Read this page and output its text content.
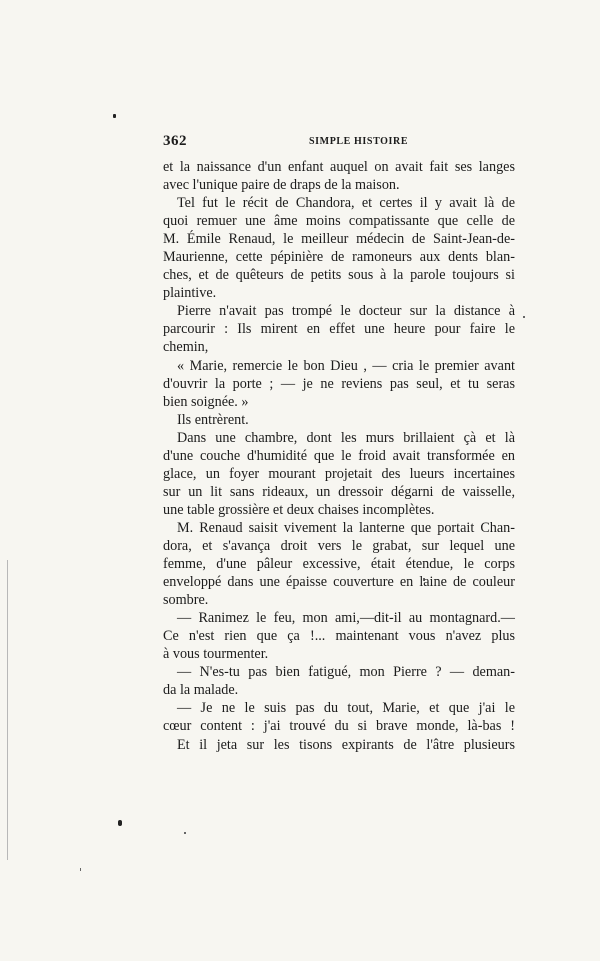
362	SIMPLE HISTOIRE
et la naissance d'un enfant auquel on avait fait ses langes
avec l'unique paire de draps de la maison.
Tel fut le récit de Chandora, et certes il y avait là de
quoi remuer une âme moins compatissante que celle de
M. Émile Renaud, le meilleur médecin de Saint-Jean-de-
Maurienne, cette pépinière de ramoneurs aux dents blan-
ches, et de quêteurs de petits sous à la parole toujours si
plaintive.
Pierre n'avait pas trompé le docteur sur la distance à
parcourir : Ils mirent en effet une heure pour faire le
chemin,
« Marie, remercie le bon Dieu , — cria le premier avant
d'ouvrir la porte ; — je ne reviens pas seul, et tu seras
bien soignée. »
Ils entrèrent.
Dans une chambre, dont les murs brillaient çà et là
d'une couche d'humidité que le froid avait transformée en
glace, un foyer mourant projetait des lueurs incertaines
sur un lit sans rideaux, un dressoir dégarni de vaisselle,
une table grossière et deux chaises incomplètes.
M. Renaud saisit vivement la lanterne que portait Chan-
dora, et s'avança droit vers le grabat, sur lequel une
femme, d'une pâleur excessive, était étendue, le corps
enveloppé dans une épaisse couverture en laine de couleur
sombre.
— Ranimez le feu, mon ami,—dit-il au montagnard.—
Ce n'est rien que ça !... maintenant vous n'avez plus
à vous tourmenter.
— N'es-tu pas bien fatigué, mon Pierre ? — deman-
da la malade.
— Je ne le suis pas du tout, Marie, et que j'ai le
cœur content : j'ai trouvé du si brave monde, là-bas !
Et il jeta sur les tisons expirants de l'âtre plusieurs
